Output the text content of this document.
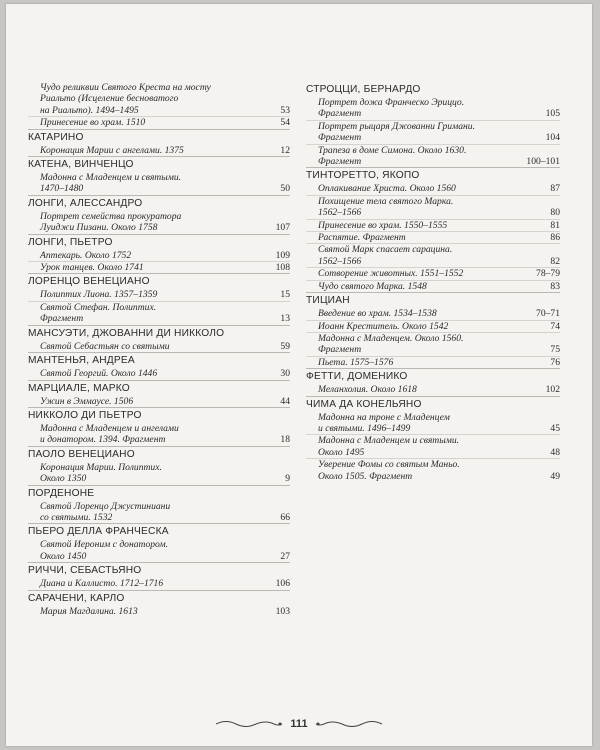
Чудо реликвии Святого Креста на мосту
Риальто (Исцеление бесноватого
на Риальто). 1494–1495	53
Принесение во храм. 1510	54
КАТАРИНО
Коронация Марии с ангелами. 1375	12
КАТЕНА, ВИНЧЕНЦО
Мадонна с Младенцем и святыми.
1470–1480	50
ЛОНГИ, АЛЕССАНДРО
Портрет семейства прокуратора
Луиджи Пизани. Около 1758	107
ЛОНГИ, ПЬЕТРО
Аптекарь. Около 1752	109
Урок танцев. Около 1741	108
ЛОРЕНЦО ВЕНЕЦИАНО
Полиптих Лиона. 1357–1359	15
Святой Стефан. Полиптих.
Фрагмент	13
МАНСУЭТИ, ДЖОВАННИ ДИ НИККОЛО
Святой Себастьян со святыми	59
МАНТЕНЬЯ, АНДРЕА
Святой Георгий. Около 1446	30
МАРЦИАЛЕ, МАРКО
Ужин в Эммаусе. 1506	44
НИККОЛО ДИ ПЬЕТРО
Мадонна с Младенцем и ангелами
и донатором. 1394. Фрагмент	18
ПАОЛО ВЕНЕЦИАНО
Коронация Марии. Полиптих.
Около 1350	9
ПОРДЕНОНЕ
Святой Лоренцо Джустиниани
со святыми. 1532	66
ПЬЕРО ДЕЛЛА ФРАНЧЕСКА
Святой Иероним с донатором.
Около 1450	27
РИЧЧИ, СЕБАСТЬЯНО
Диана и Каллисто. 1712–1716	106
САРАЧЕНИ, КАРЛО
Мария Магдалина. 1613	103
СТРОЦЦИ, БЕРНАРДО
Портрет дожа Франческо Эриццо.
Фрагмент	105
Портрет рыцаря Джованни Гримани.
Фрагмент	104
Трапеза в доме Симона. Около 1630.
Фрагмент	100–101
ТИНТОРЕТТО, ЯКОПО
Оплакивание Христа. Около 1560	87
Похищение тела святого Марка.
1562–1566	80
Принесение во храм. 1550–1555	81
Распятие. Фрагмент	86
Святой Марк спасает сарацина.
1562–1566	82
Сотворение животных. 1551–1552	78–79
Чудо святого Марка. 1548	83
ТИЦИАН
Введение во храм. 1534–1538	70–71
Иоанн Креститель. Около 1542	74
Мадонна с Младенцем. Около 1560.
Фрагмент	75
Пьета. 1575–1576	76
ФЕТТИ, ДОМЕНИКО
Меланхолия. Около 1618	102
ЧИМА ДА КОНЕЛЬЯНО
Мадонна на троне с Младенцем
и святыми. 1496–1499	45
Мадонна с Младенцем и святыми.
Около 1495	48
Уверение Фомы со святым Маньо.
Около 1505. Фрагмент	49
111
